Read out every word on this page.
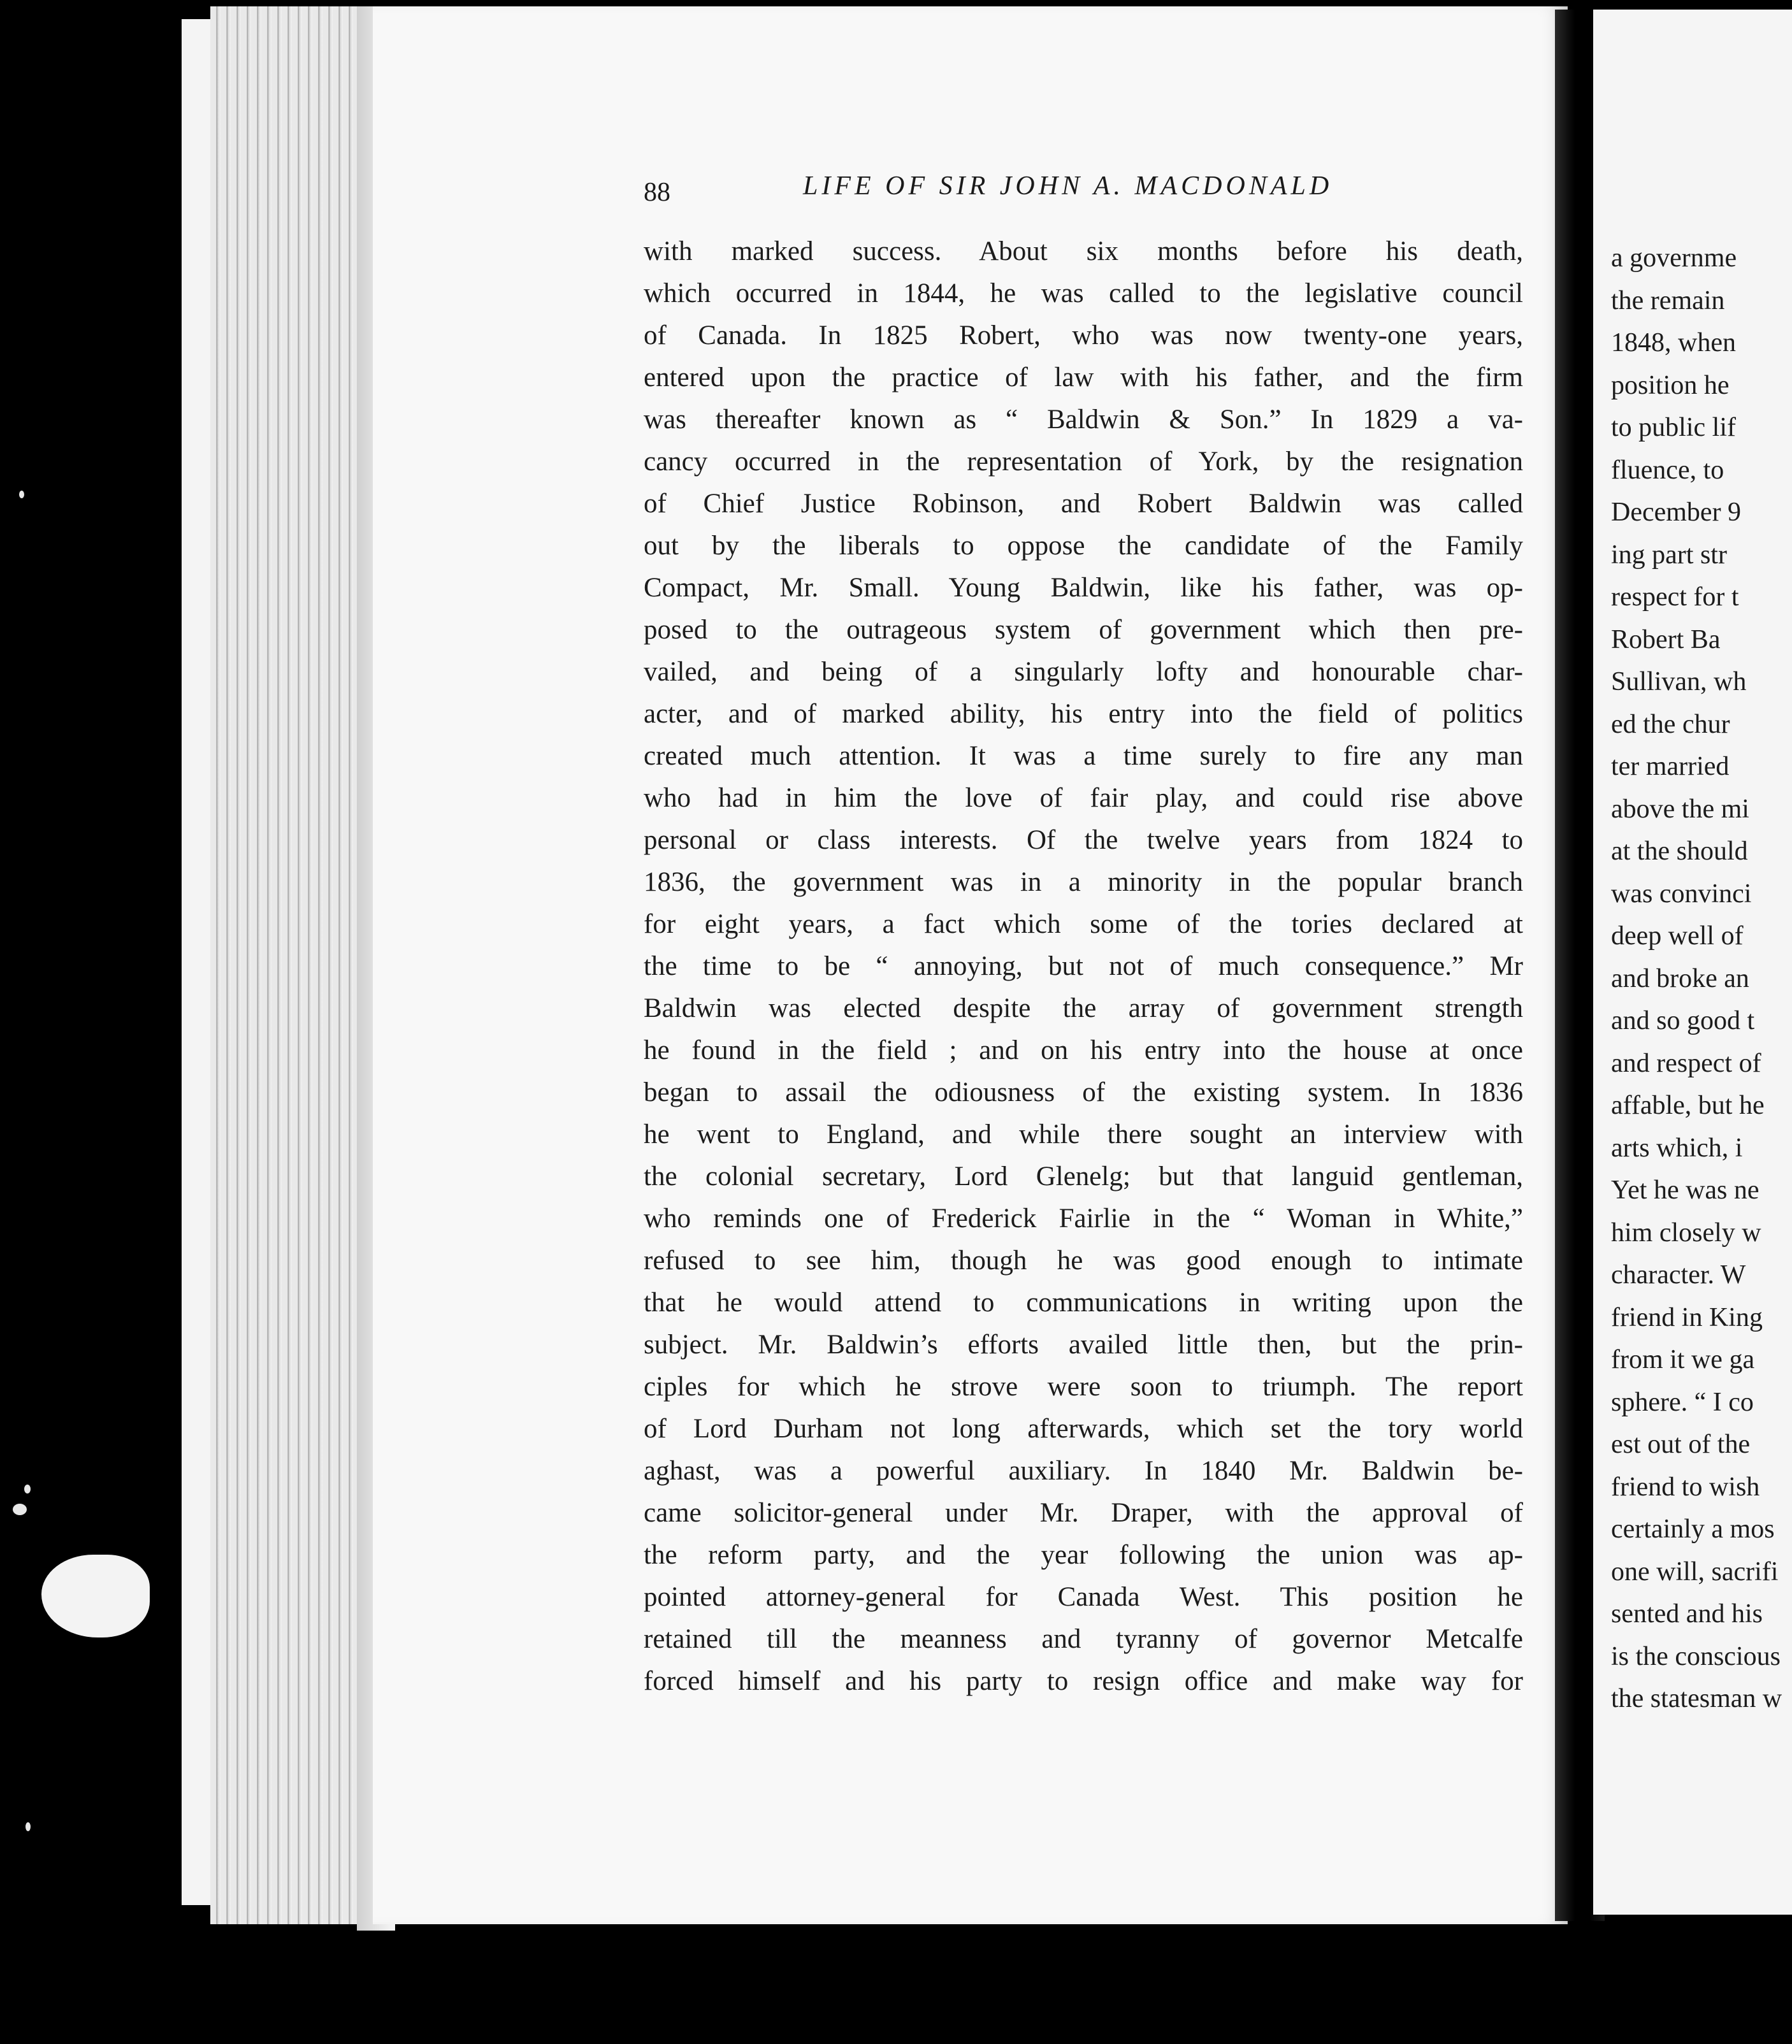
88	LIFE OF SIR JOHN A. MACDONALD
with marked success. About six months before his death,
which occurred in 1844, he was called to the legislative council
of Canada. In 1825 Robert, who was now twenty-one years,
entered upon the practice of law with his father, and the firm
was thereafter known as “ Baldwin & Son.” In 1829 a va-
cancy occurred in the representation of York, by the resignation
of Chief Justice Robinson, and Robert Baldwin was called
out by the liberals to oppose the candidate of the Family
Compact, Mr. Small. Young Baldwin, like his father, was op-
posed to the outrageous system of government which then pre-
vailed, and being of a singularly lofty and honourable char-
acter, and of marked ability, his entry into the field of politics
created much attention. It was a time surely to fire any man
who had in him the love of fair play, and could rise above
personal or class interests. Of the twelve years from 1824 to
1836, the government was in a minority in the popular branch
for eight years, a fact which some of the tories declared at
the time to be “ annoying, but not of much consequence.” Mr
Baldwin was elected despite the array of government strength
he found in the field ; and on his entry into the house at once
began to assail the odiousness of the existing system. In 1836
he went to England, and while there sought an interview with
the colonial secretary, Lord Glenelg; but that languid gentleman,
who reminds one of Frederick Fairlie in the “ Woman in White,”
refused to see him, though he was good enough to intimate
that he would attend to communications in writing upon the
subject. Mr. Baldwin’s efforts availed little then, but the prin-
ciples for which he strove were soon to triumph. The report
of Lord Durham not long afterwards, which set the tory world
aghast, was a powerful auxiliary. In 1840 Mr. Baldwin be-
came solicitor-general under Mr. Draper, with the approval of
the reform party, and the year following the union was ap-
pointed attorney-general for Canada West. This position he
retained till the meanness and tyranny of governor Metcalfe
forced himself and his party to resign office and make way for
a governme
the remain
1848, when
position he
to public lif
fluence, to
December 9
ing part str
respect for t
Robert Ba
Sullivan, wh
ed the chur
ter married
above the mi
at the should
was convinci
deep well of
and broke an
and so good t
and respect of
affable, but he
arts which, i
Yet he was ne
him closely w
character. W
friend in King
from it we ga
sphere. “ I co
est out of the
friend to wish
certainly a mos
one will, sacrifi
sented and his
is the conscious
the statesman w
